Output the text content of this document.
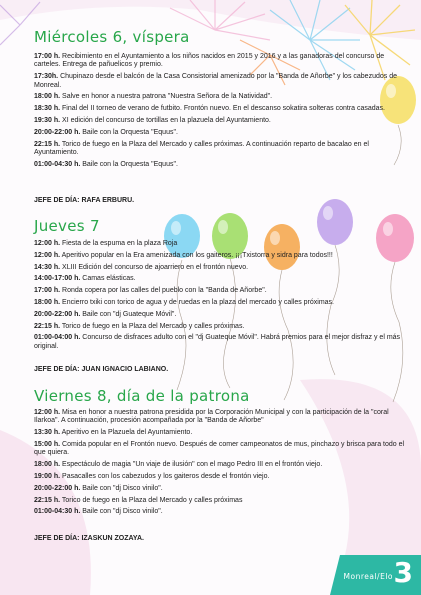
Miércoles 6, víspera
17:00 h. Recibimiento en el Ayuntamiento a los niños nacidos en 2015 y 2016 y a las ganadoras del concurso de carteles. Entrega de pañuelicos y premio.
17:30h. Chupinazo desde el balcón de la Casa Consistorial amenizado por la "Banda de Añorbe" y los cabezudos de Monreal.
18:00 h. Salve en honor a nuestra patrona "Nuestra Señora de la Natividad".
18:30 h. Final del II torneo de verano de futbito. Frontón nuevo. En el descanso sokatira solteras contra casadas.
19:30 h. XI edición del concurso de tortillas en la plazuela del Ayuntamiento.
20:00-22:00 h. Baile con la Orquesta "Equus".
22:15 h. Torico de fuego en la Plaza del Mercado y calles próximas. A continuación reparto de bacalao en el Ayuntamiento.
01:00-04:30 h. Baile con la Orquesta "Equus".
JEFE DE DÍA: RAFA ERBURU.
Jueves 7
12:00 h. Fiesta de la espuma en la plaza Roja
12:00 h. Aperitivo popular en la Era amenizada con los gaiteros. ¡¡¡Txistorra y sidra para todos!!!
14:30 h. XLIII Edición del concurso de ajoarriero en el frontón nuevo.
14:00-17:00 h. Camas elásticas.
17:00 h. Ronda copera por las calles del pueblo con la "Banda de Añorbe".
18:00 h. Encierro txiki con torico de agua y de ruedas en la plaza del mercado y calles próximas.
20:00-22:00 h. Baile con "dj Guateque Móvil".
22:15 h. Torico de fuego en la Plaza del Mercado y calles próximas.
01:00-04:00 h. Concurso de disfraces adulto con el "dj Guateque Móvil". Habrá premios para el mejor disfraz y el más original.
JEFE DE DÍA: JUAN IGNACIO LABIANO.
Viernes 8, día de la patrona
12:00 h. Misa en honor a nuestra patrona presidida por la Corporación Municipal y con la participación de la "coral Ilarkoa". A continuación, procesión acompañada por la "Banda de Añorbe"
13:30 h. Aperitivo en la Plazuela del Ayuntamiento.
15:00 h. Comida popular en el Frontón nuevo. Después de comer campeonatos de mus, pinchazo y brisca para todo el que quiera.
18:00 h. Espectáculo de magia "Un viaje de ilusión" con el mago Pedro III en el frontón viejo.
19:00 h. Pasacalles con los cabezudos y los gaiteros desde el frontón viejo.
20:00-22:00 h. Baile con "dj Disco vinilo".
22:15 h. Torico de fuego en la Plaza del Mercado y calles próximas
01:00-04:30 h. Baile con "dj Disco vinilo".
JEFE DE DÍA: IZASKUN ZOZAYA.
Monreal/Elo 3
